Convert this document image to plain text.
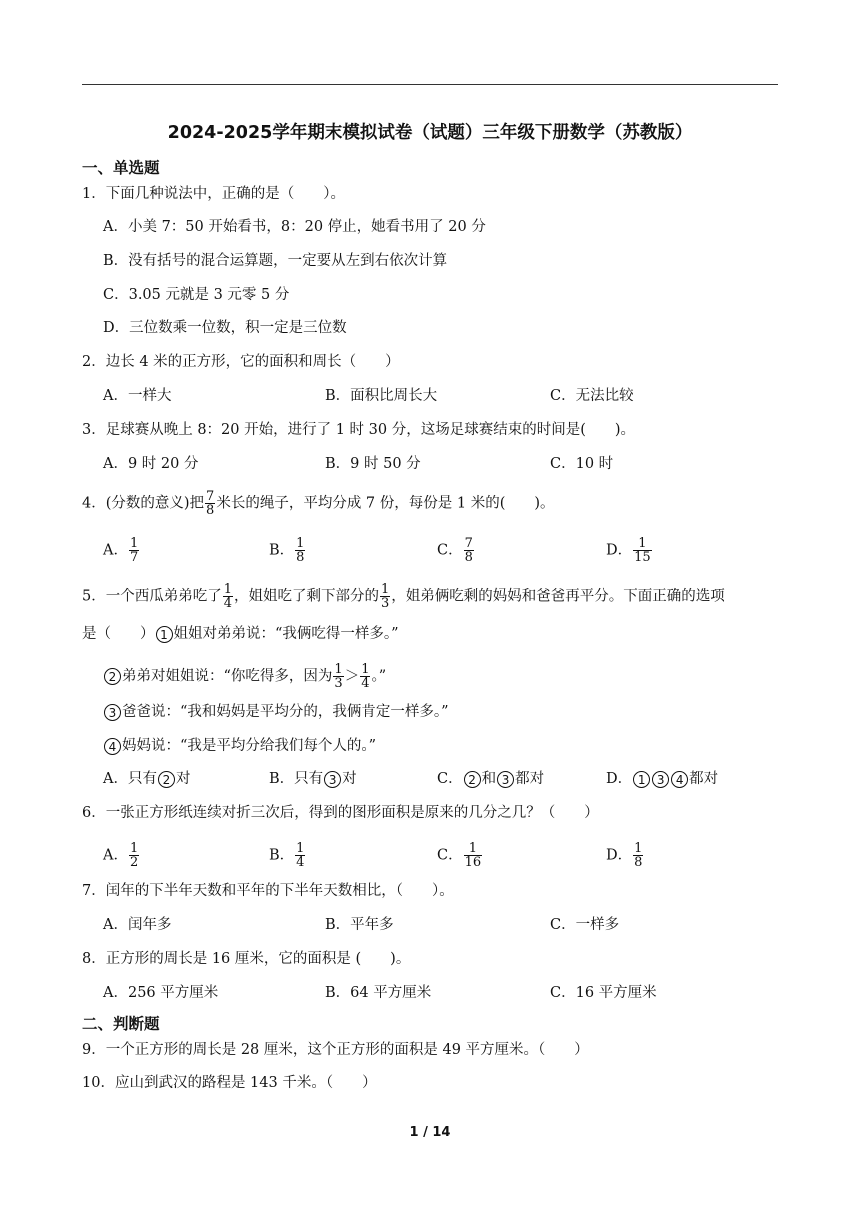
2024-2025学年期末模拟试卷（试题）三年级下册数学（苏教版）
一、单选题
1．下面几种说法中，正确的是（　　）。
A．小美 7：50 开始看书，8：20 停止，她看书用了 20 分
B．没有括号的混合运算题，一定要从左到右依次计算
C．3.05 元就是 3 元零 5 分
D．三位数乘一位数，积一定是三位数
2．边长 4 米的正方形，它的面积和周长（　　）
A．一样大	B．面积比周长大	C．无法比较
3．足球赛从晚上 8：20 开始，进行了 1 时 30 分，这场足球赛结束的时间是(　　)。
A．9 时 20 分	B．9 时 50 分	C．10 时
4．(分数的意义)把 $\frac{7}{8}$ 米长的绳子，平均分成 7 份，每份是 1 米的(　　)。
A． $\frac{1}{7}$	B． $\frac{1}{8}$	C． $\frac{7}{8}$	D． $\frac{1}{15}$
5．一个西瓜弟弟吃了 $\frac{1}{4}$ ，姐姐吃了剩下部分的 $\frac{1}{3}$ ，姐弟俩吃剩的妈妈和爸爸再平分。下面正确的选项
是（　　） 1 姐姐对弟弟说：“我俩吃得一样多。”
2 弟弟对姐姐说：“你吃得多，因为 $\frac{1}{3} > \frac{1}{4}$ 。”
3 爸爸说：“我和妈妈是平均分的，我俩肯定一样多。”
4 妈妈说：“我是平均分给我们每个人的。”
A．只有 2 对	B．只有 3 对	C． 2 和 3 都对	D． 1 3 4 都对
6．一张正方形纸连续对折三次后，得到的图形面积是原来的几分之几？（　　）
A． $\frac{1}{2}$	B． $\frac{1}{4}$	C． $\frac{1}{16}$	D． $\frac{1}{8}$
7．闰年的下半年天数和平年的下半年天数相比，（　　）。
A．闰年多	B．平年多	C．一样多
8．正方形的周长是 16 厘米，它的面积是 (　　)。
A．256 平方厘米	B．64 平方厘米	C．16 平方厘米
二、判断题
9．一个正方形的周长是 28 厘米，这个正方形的面积是 49 平方厘米。（　　）
10．应山到武汉的路程是 143 千米。（　　）
1 / 14
